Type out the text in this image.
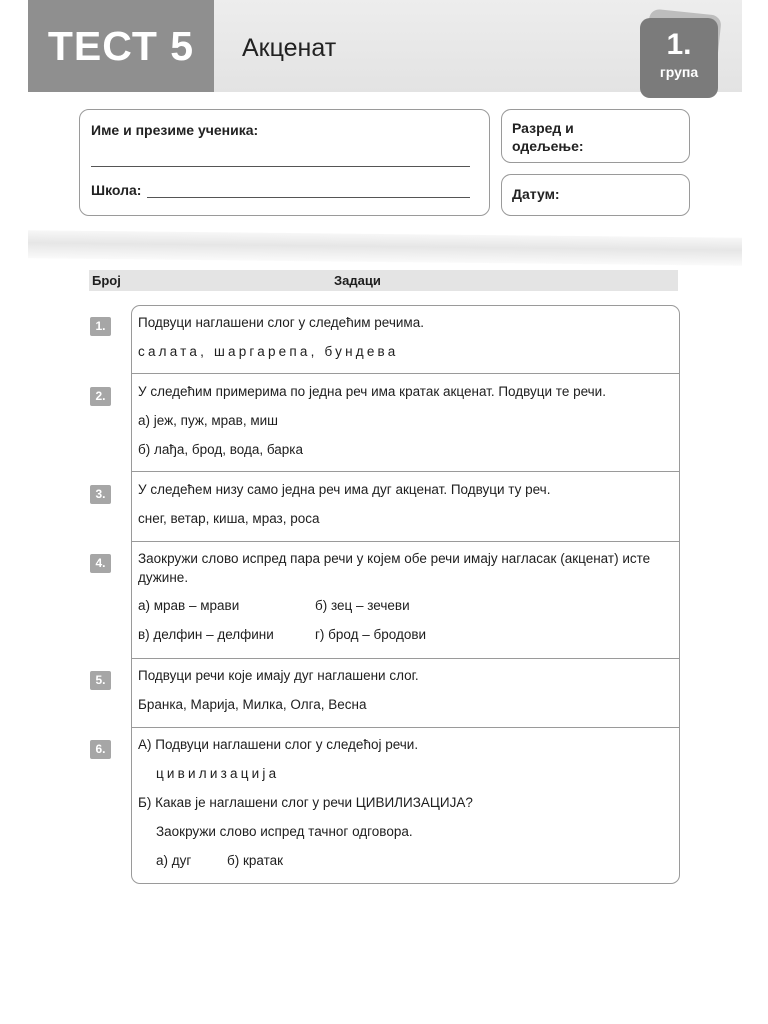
ТЕСТ 5	Акценат	1.
група
Име и презиме ученика:
Школа:
Разред и
одељење:
Датум:
Број	Задаци
1.	Подвуци наглашени слог у следећим речима.
салата, шаргарепа, бундева
2.	У следећим примерима по једна реч има кратак акценат. Подвуци те речи.
а) јеж, пуж, мрав, миш
б) лађа, брод, вода, барка
3.	У следећем низу само једна реч има дуг акценат. Подвуци ту реч.
снег, ветар, киша, мраз, роса
4.	Заокружи слово испред пара речи у којем обе речи имају нагласак (акценат) исте
дужине.
а) мрав – мрави	б) зец – зечеви
в) делфин – делфини	г) брод – бродови
5.	Подвуци речи које имају дуг наглашени слог.
Бранка, Марија, Милка, Олга, Весна
6.	А) Подвуци наглашени слог у следећој речи.
цивилизација
Б) Какав је наглашени слог у речи ЦИВИЛИЗАЦИЈА?
Заокружи слово испред тачног одговора.
а) дуг	б) кратак
